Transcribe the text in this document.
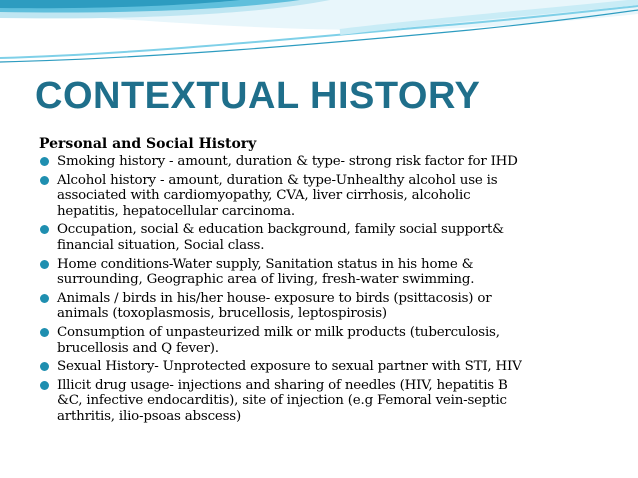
CONTEXTUAL HISTORY
Personal and Social History
Smoking history - amount, duration & type- strong risk factor for IHD
Alcohol history - amount, duration & type-Unhealthy alcohol use is
associated with cardiomyopathy, CVA, liver cirrhosis, alcoholic
hepatitis, hepatocellular carcinoma.
Occupation, social & education background, family social support&
financial situation, Social class.
Home conditions-Water supply, Sanitation status in his home &
surrounding, Geographic area of living, fresh-water swimming.
Animals / birds in his/her house- exposure to birds (psittacosis) or
animals (toxoplasmosis, brucellosis, leptospirosis)
Consumption of unpasteurized milk or milk products (tuberculosis,
brucellosis and Q fever).
Sexual History- Unprotected exposure to sexual partner with STI, HIV
Illicit drug usage- injections and sharing of needles (HIV, hepatitis B
&C, infective endocarditis), site of injection (e.g Femoral vein-septic
arthritis, ilio-psoas abscess)
